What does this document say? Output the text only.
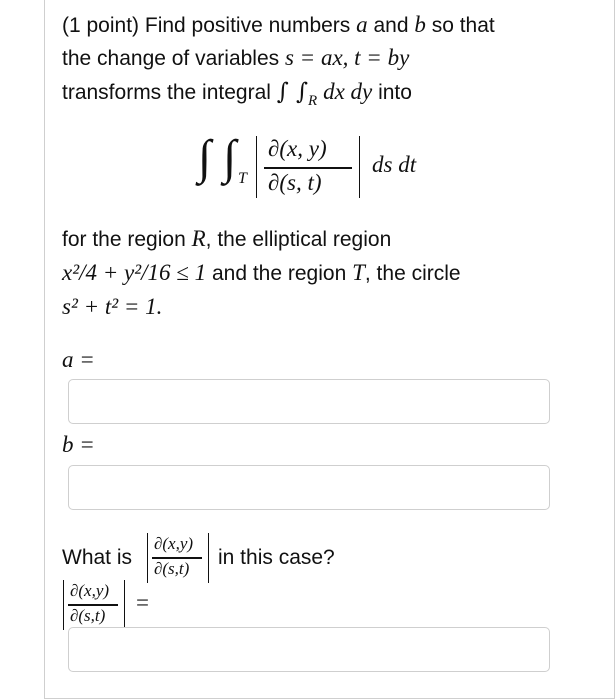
(1 point) Find positive numbers a and b so that
the change of variables s = ax, t = by
transforms the integral ∫ $\int_R$ dx dy into
∫ ∫ T
∂(x, y)
∂(s, t)
ds dt
for the region R, the elliptical region
x²/4 + y²/16 ≤ 1 and the region T, the circle
s² + t² = 1.
a =
b =
What is
∂(x,y)
∂(s,t) in this case?
∂(x,y)
∂(s,t)
=
